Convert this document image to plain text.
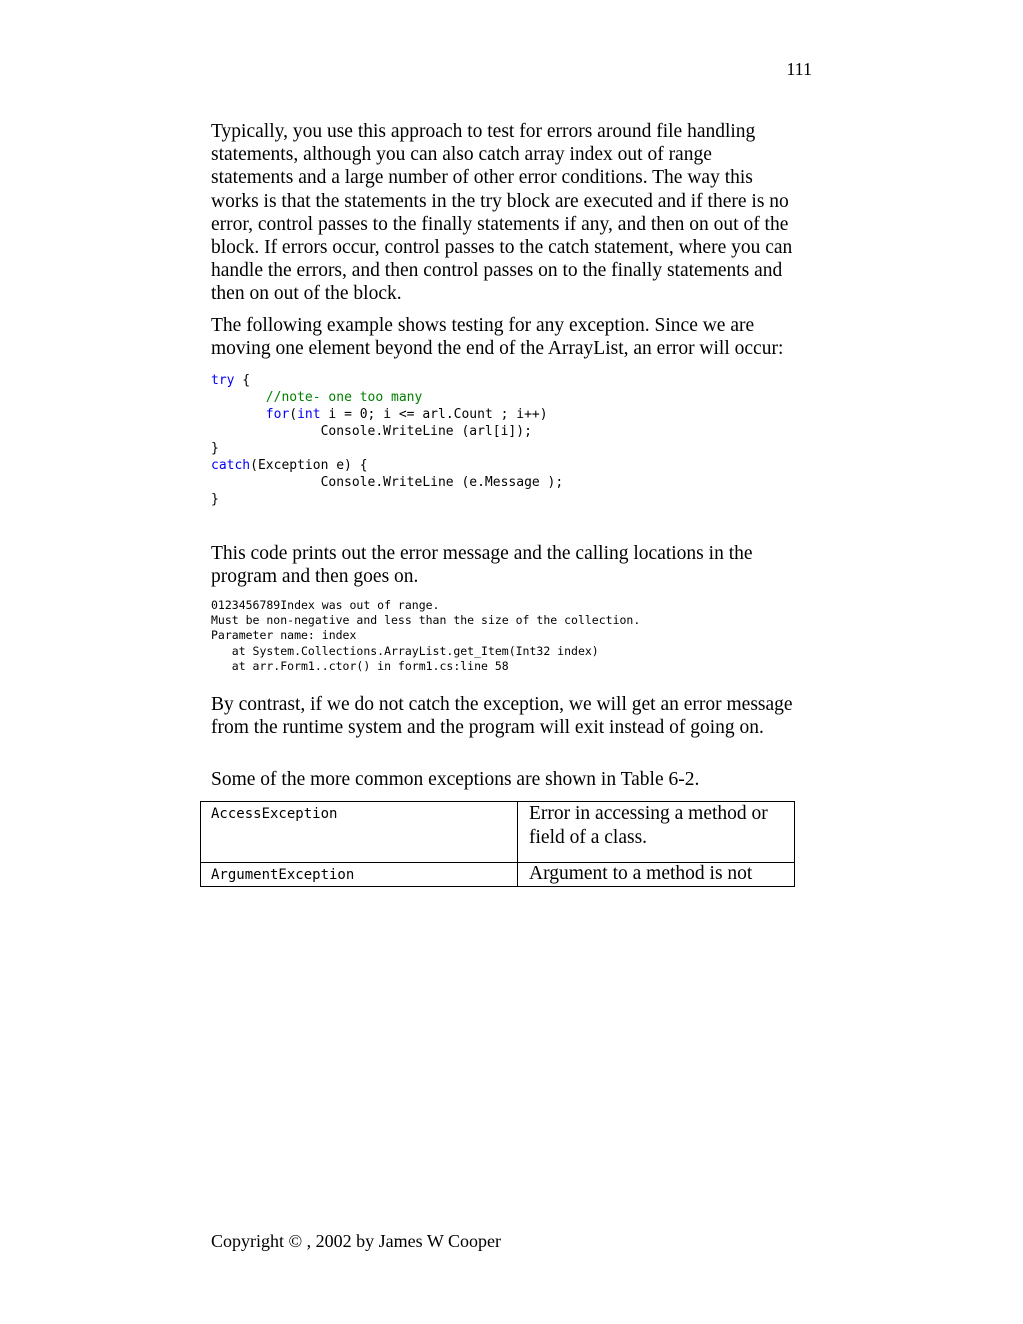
111
Typically, you use this approach to test for errors around file handling
statements, although you can also catch array index out of range
statements and a large number of other error conditions. The way this
works is that the statements in the try block are executed and if there is no
error, control passes to the finally statements if any, and then on out of the
block. If errors occur, control passes to the catch statement, where you can
handle the errors, and then control passes on to the finally statements and
then on out of the block.
The following example shows testing for any exception. Since we are
moving one element beyond the end of the ArrayList, an error will occur:
try {
//note- one too many
for(int i = 0; i <= arl.Count ; i++)
Console.WriteLine (arl[i]);
}
catch(Exception e) {
Console.WriteLine (e.Message );
}
This code prints out the error message and the calling locations in the
program and then goes on.
0123456789Index was out of range.
Must be non-negative and less than the size of the collection.
Parameter name: index
at System.Collections.ArrayList.get_Item(Int32 index)
at arr.Form1..ctor() in form1.cs:line 58
By contrast, if we do not catch the exception, we will get an error message
from the runtime system and the program will exit instead of going on.
Some of the more common exceptions are shown in Table 6-2.
AccessException	Error in accessing a method or
field of a class.

ArgumentException	Argument to a method is not
Copyright © , 2002 by James W Cooper
